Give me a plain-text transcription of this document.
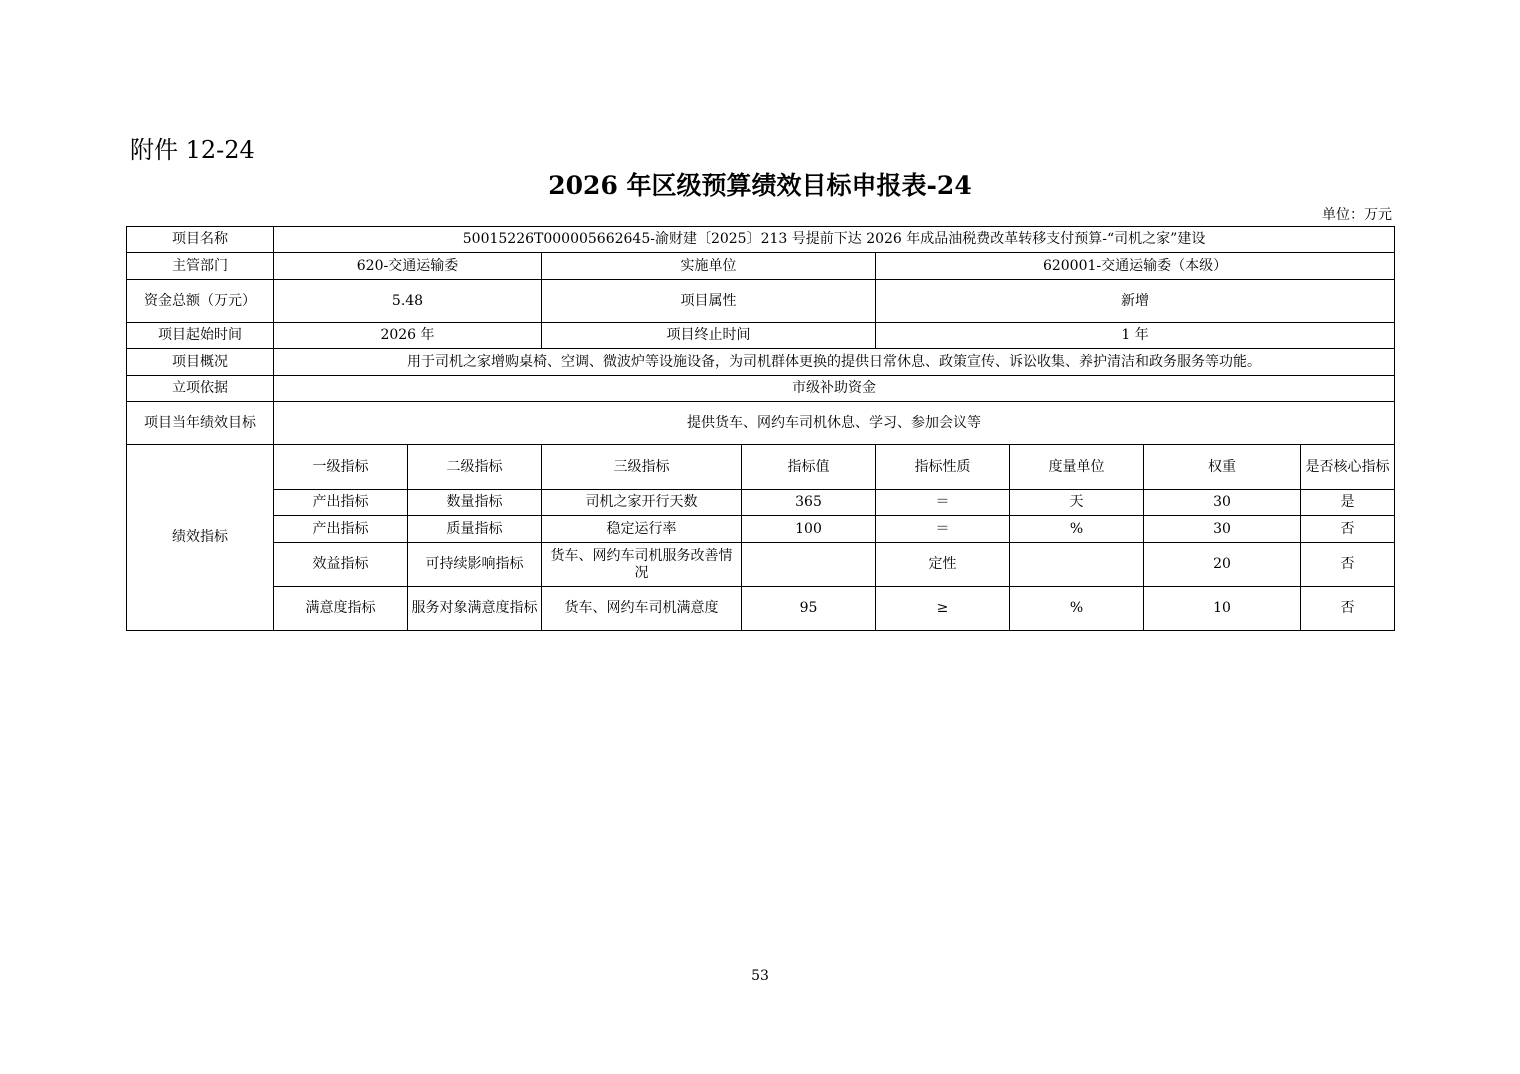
附件 12-24
2026 年区级预算绩效目标申报表-24
单位：万元
项目名称	50015226T000005662645-渝财建〔2025〕213 号提前下达 2026 年成品油税费改革转移支付预算-“司机之家”建设							
主管部门	620-交通运输委		实施单位		620001-交通运输委（本级）			
资金总额（万元）	5.48		项目属性		新增			
项目起始时间	2026 年		项目终止时间		1 年			
项目概况	用于司机之家增购桌椅、空调、微波炉等设施设备，为司机群体更换的提供日常休息、政策宣传、诉讼收集、养护清洁和政务服务等功能。							
立项依据	市级补助资金							
项目当年绩效目标	提供货车、网约车司机休息、学习、参加会议等							
绩效指标	一级指标	二级指标	三级指标	指标值	指标性质	度量单位	权重	是否核心指标
	产出指标	数量指标	司机之家开行天数	365	＝	天	30	是
	产出指标	质量指标	稳定运行率	100	＝	%	30	否
	效益指标	可持续影响指标	货车、网约车司机服务改善情况		定性		20	否
	满意度指标	服务对象满意度指标	货车、网约车司机满意度	95	≥	%	10	否
53
